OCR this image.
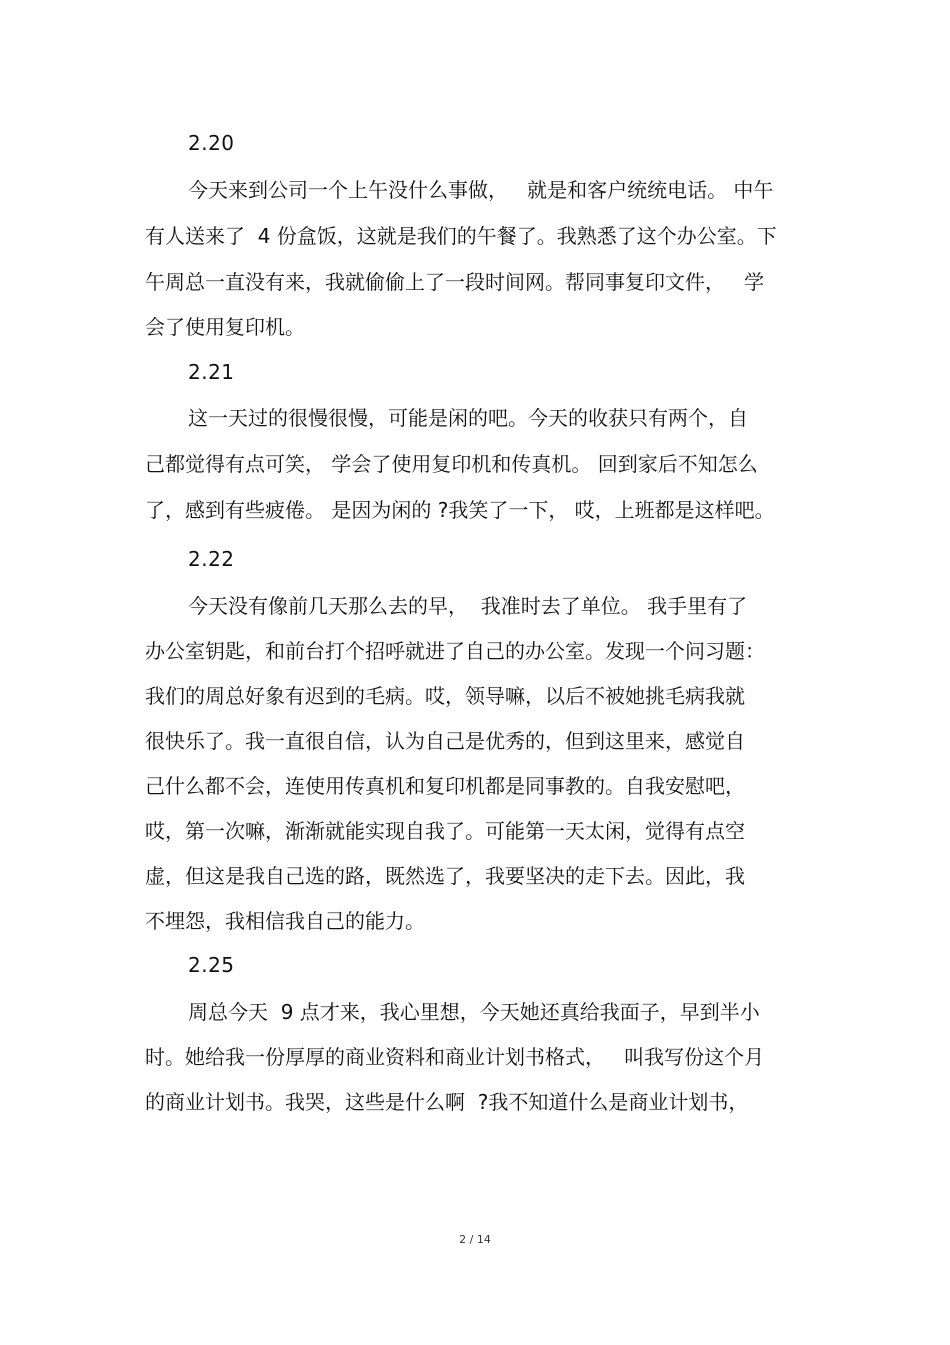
2.20
今天来到公司一个上午没什么事做，   就是和客户统统电话。 中午
有人送来了  4 份盒饭，这就是我们的午餐了。我熟悉了这个办公室。下
午周总一直没有来，我就偷偷上了一段时间网。帮同事复印文件，   学
会了使用复印机。
2.21
这一天过的很慢很慢，可能是闲的吧。今天的收获只有两个，自
己都觉得有点可笑， 学会了使用复印机和传真机。 回到家后不知怎么
了，感到有些疲倦。 是因为闲的 ?我笑了一下， 哎，上班都是这样吧。
2.22
今天没有像前几天那么去的早，  我准时去了单位。 我手里有了
办公室钥匙，和前台打个招呼就进了自己的办公室。发现一个问习题：
我们的周总好象有迟到的毛病。哎，领导嘛，以后不被她挑毛病我就
很快乐了。我一直很自信，认为自己是优秀的，但到这里来，感觉自
己什么都不会，连使用传真机和复印机都是同事教的。自我安慰吧，
哎，第一次嘛，渐渐就能实现自我了。可能第一天太闲，觉得有点空
虚，但这是我自己选的路，既然选了，我要坚决的走下去。因此，我
不埋怨，我相信我自己的能力。
2.25
周总今天  9 点才来，我心里想，今天她还真给我面子，早到半小
时。她给我一份厚厚的商业资料和商业计划书格式，   叫我写份这个月
的商业计划书。我哭，这些是什么啊  ?我不知道什么是商业计划书，
2 / 14
